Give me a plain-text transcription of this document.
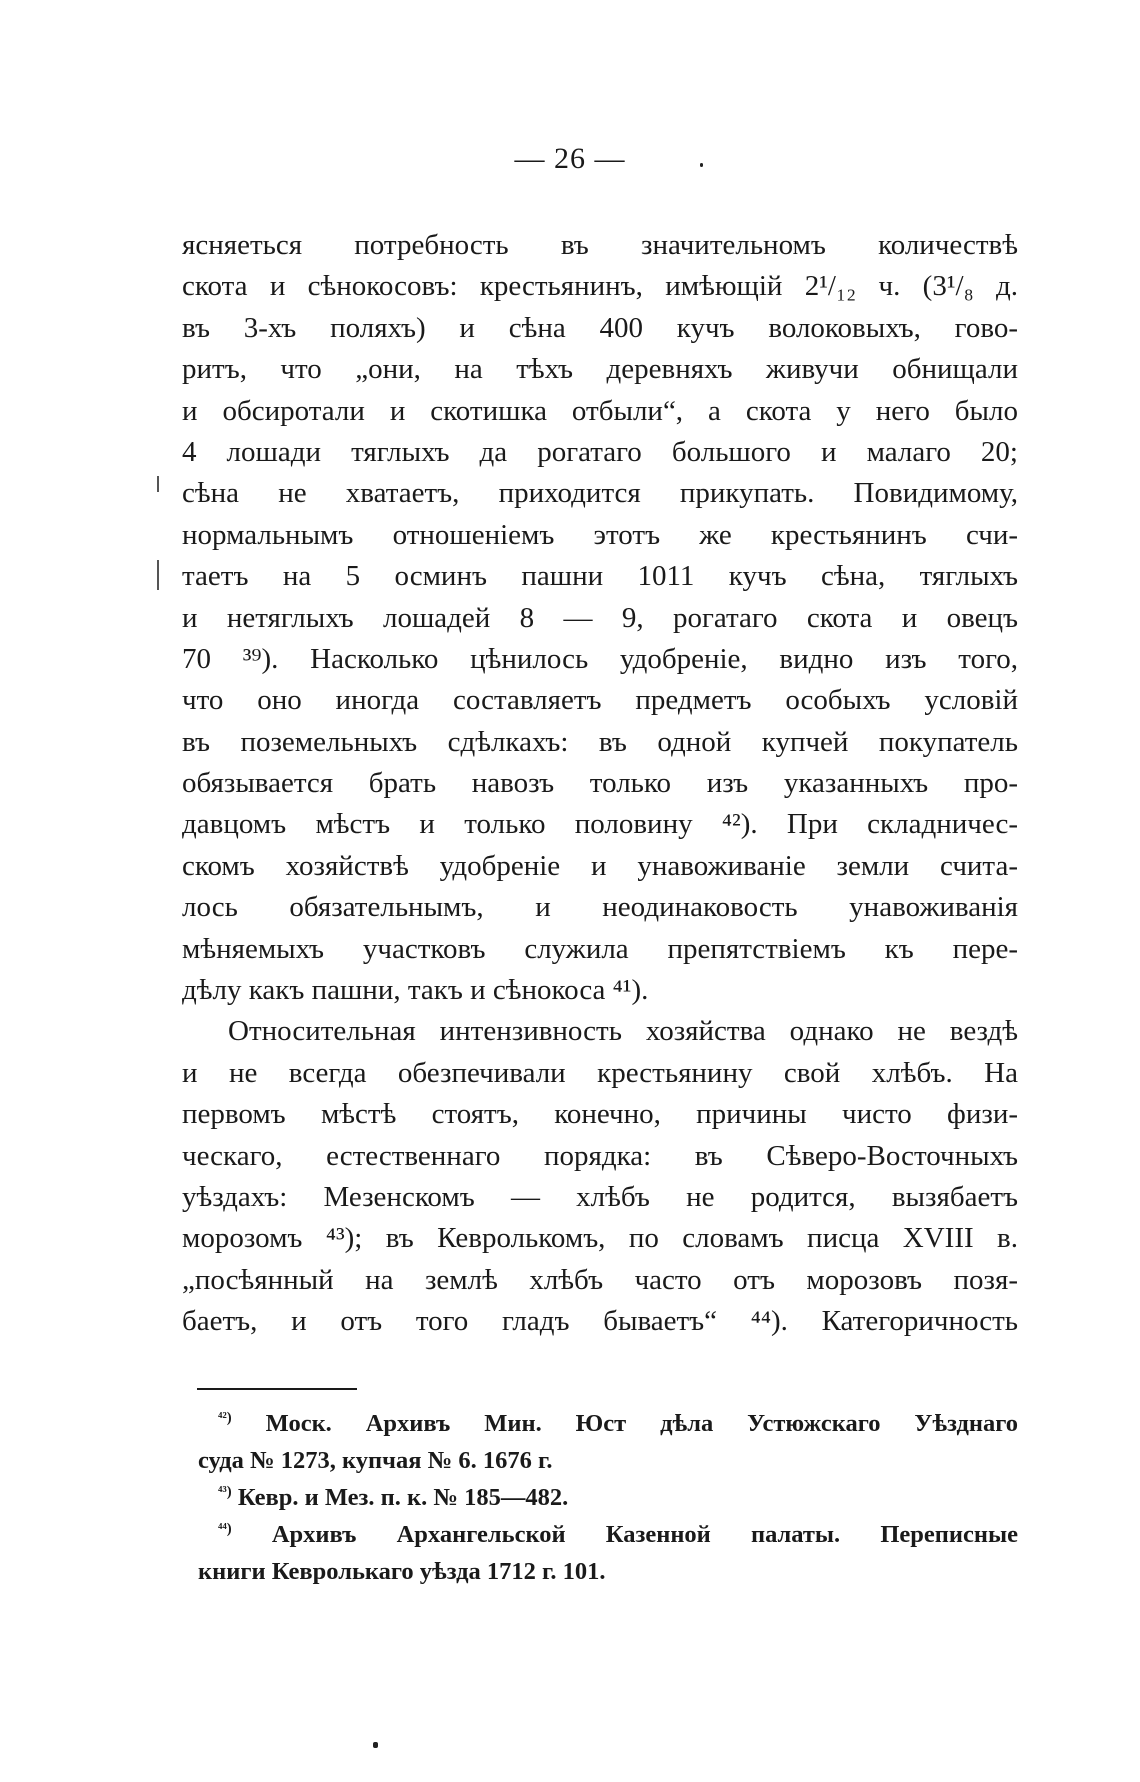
— 26 —
ясняеться потребность въ значительномъ количествѣ
скота и сѣнокосовъ: крестьянинъ, имѣющій 2¹/₁₂ ч. (3¹/₈ д.
въ 3-хъ поляхъ) и сѣна 400 кучъ волоковыхъ, гово-
ритъ, что „они, на тѣхъ деревняхъ живучи обнищали
и обсиротали и скотишка отбыли“, а скота у него было
4 лошади тяглыхъ да рогатаго большого и малаго 20;
сѣна не хватаетъ, приходится прикупать. Повидимому,
нормальнымъ отношеніемъ этотъ же крестьянинъ счи-
таетъ на 5 осминъ пашни 1011 кучъ сѣна, тяглыхъ
и нетяглыхъ лошадей 8 — 9, рогатаго скота и овецъ
70 ³⁹). Насколько цѣнилось удобреніе, видно изъ того,
что оно иногда составляетъ предметъ особыхъ условій
въ поземельныхъ сдѣлкахъ: въ одной купчей покупатель
обязывается брать навозъ только изъ указанныхъ про-
давцомъ мѣстъ и только половину ⁴²). При складничес-
скомъ хозяйствѣ удобреніе и унавоживаніе земли счита-
лось обязательнымъ, и неодинаковость унавоживанія
мѣняемыхъ участковъ служила препятствіемъ къ пере-
дѣлу какъ пашни, такъ и сѣнокоса ⁴¹).
Относительная интензивность хозяйства однако не вездѣ
и не всегда обезпечивали крестьянину свой хлѣбъ. На
первомъ мѣстѣ стоятъ, конечно, причины чисто физи-
ческаго, естественнаго порядка: въ Сѣверо-Восточныхъ
уѣздахъ: Мезенскомъ — хлѣбъ не родится, вызябаетъ
морозомъ ⁴³); въ Кевролькомъ, по словамъ писца XVIII в.
„посѣянный на землѣ хлѣбъ часто отъ морозовъ позя-
баетъ, и отъ того гладъ бываетъ“ ⁴⁴). Категоричность
$^{^{42})}$ Моск. Архивъ Мин. Юст дѣла Устюжскаго Уѣзднаго
суда № 1273, купчая № 6. 1676 г.
$^{^{43})}$ Кевр. и Мез. п. к. № 185—482.
$^{^{44})}$ Архивъ Архангельской Казенной палаты. Переписные
книги Кевролькаго уѣзда 1712 г. 101.
